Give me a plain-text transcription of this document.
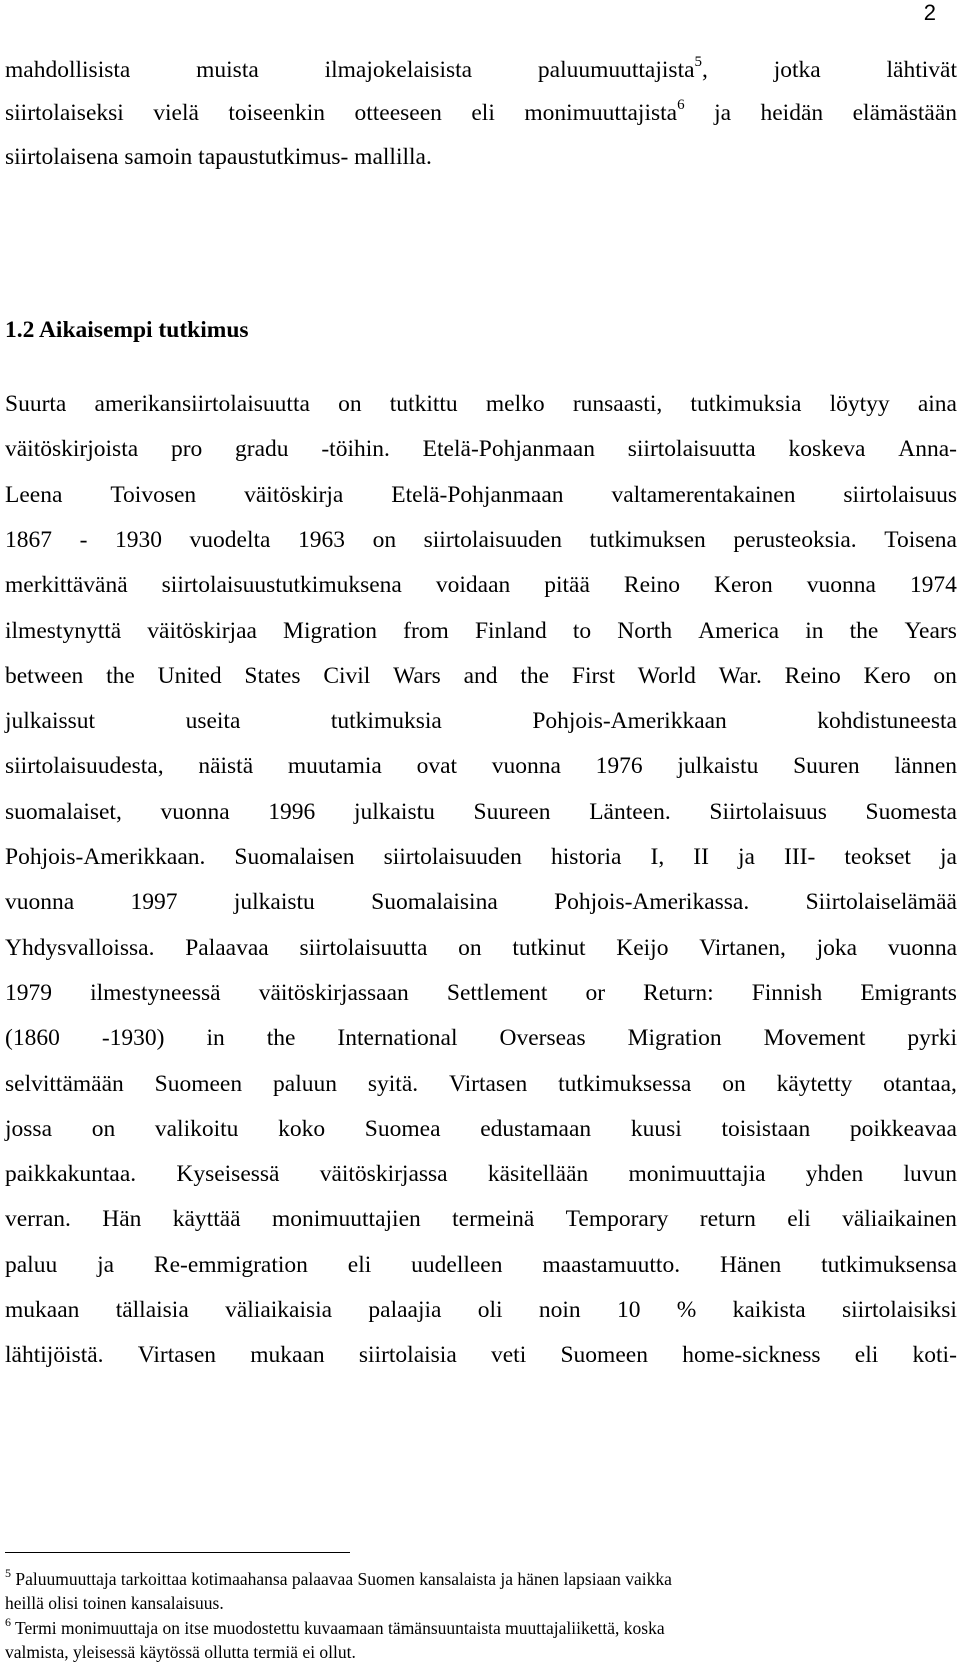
2
mahdollisista	muista	ilmajokelaisista	paluumuuttajista$^5$,	jotka	lähtivät
siirtolaiseksi vielä toiseenkin otteeseen eli monimuuttajista$^6$ ja heidän elämästään
siirtolaisena samoin tapaustutkimus- mallilla.
1.2 Aikaisempi tutkimus
Suurta amerikansiirtolaisuutta on tutkittu melko runsaasti, tutkimuksia löytyy aina
väitöskirjoista pro gradu -töihin. Etelä-Pohjanmaan siirtolaisuutta koskeva Anna-
Leena Toivosen väitöskirja Etelä-Pohjanmaan valtamerentakainen siirtolaisuus
1867 - 1930 vuodelta 1963 on siirtolaisuuden tutkimuksen perusteoksia. Toisena
merkittävänä siirtolaisuustutkimuksena voidaan pitää Reino Keron vuonna 1974
ilmestynyttä väitöskirjaa Migration from Finland to North America in the Years
between the United States Civil Wars and the First World War. Reino Kero on
julkaissut	useita	tutkimuksia	Pohjois-Amerikkaan	kohdistuneesta
siirtolaisuudesta, näistä muutamia ovat vuonna 1976 julkaistu Suuren lännen
suomalaiset, vuonna 1996 julkaistu Suureen Länteen. Siirtolaisuus Suomesta
Pohjois-Amerikkaan. Suomalaisen siirtolaisuuden historia I, II ja III- teokset ja
vuonna 1997 julkaistu Suomalaisina Pohjois-Amerikassa. Siirtolaiselämää
Yhdysvalloissa. Palaavaa siirtolaisuutta on tutkinut Keijo Virtanen, joka vuonna
1979 ilmestyneessä väitöskirjassaan Settlement or Return: Finnish Emigrants
(1860 -1930) in the International Overseas Migration Movement pyrki
selvittämään Suomeen paluun syitä. Virtasen tutkimuksessa on käytetty otantaa,
jossa on valikoitu koko Suomea edustamaan kuusi toisistaan poikkeavaa
paikkakuntaa. Kyseisessä väitöskirjassa käsitellään monimuuttajia yhden luvun
verran. Hän käyttää monimuuttajien termeinä Temporary return eli väliaikainen
paluu ja Re-emmigration eli uudelleen maastamuutto. Hänen tutkimuksensa
mukaan tällaisia väliaikaisia palaajia oli noin 10 % kaikista siirtolaisiksi
lähtijöistä. Virtasen mukaan siirtolaisia veti Suomeen home-sickness eli koti-
$^5$ Paluumuuttaja tarkoittaa kotimaahansa palaavaa Suomen kansalaista ja hänen lapsiaan vaikka
heillä olisi toinen kansalaisuus.
$^6$ Termi monimuuttaja on itse muodostettu kuvaamaan tämänsuuntaista muuttajaliikettä, koska
valmista, yleisessä käytössä ollutta termiä ei ollut.
